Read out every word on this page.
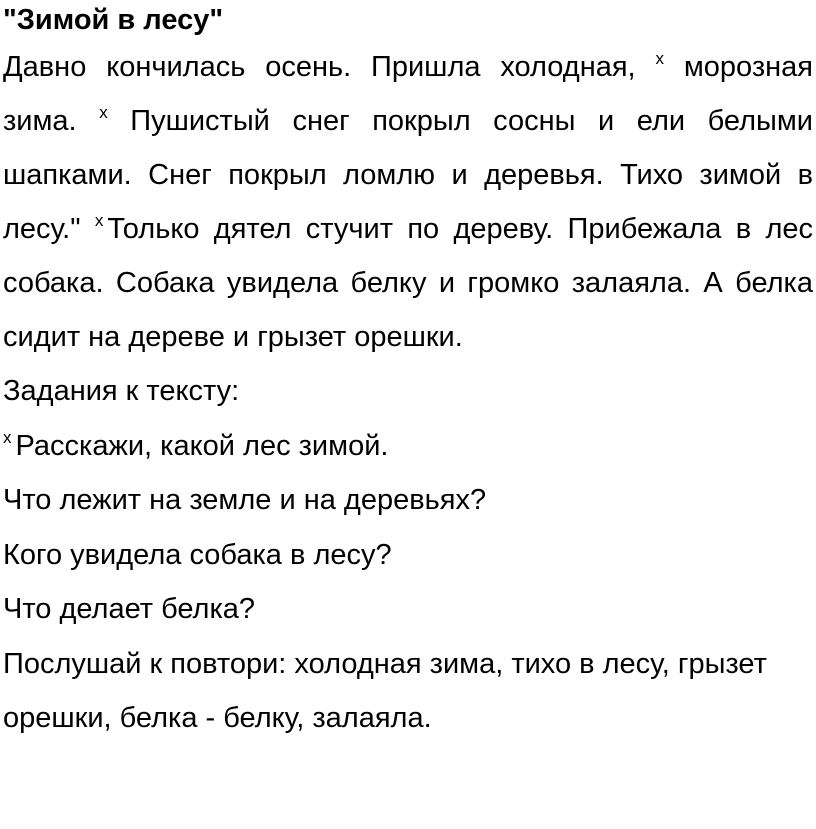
"Зимой в лесу"

Давно кончилась осень. Пришла холодная, $^x$ морозная зима. $^x$ Пушистый снег покрыл сосны и ели белыми шапками. Снег покрыл ломлю и деревья. Тихо зимой в лесу." $^x$ Только дятел стучит по дереву. Прибежала в лес собака. Собака увидела белку и громко залаяла. А белка сидит на дереве и грызет орешки.

Задания к тексту:

$^x$ Расскажи, какой лес зимой.

Что лежит на земле и на деревьях?

Кого увидела собака в лесу?

Что делает белка?

Послушай к повтори: холодная зима, тихо в лесу, грызет

орешки, белка - белку, залаяла.
